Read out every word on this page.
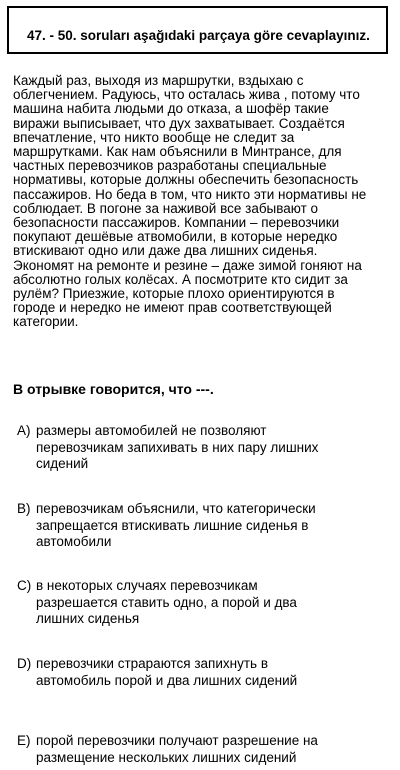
47. - 50. soruları aşağıdaki parçaya göre cevaplayınız.
Каждый раз, выходя из маршрутки, вздыхаю с
облегчением. Радуюсь, что осталась жива , потому что
машина набита людьми до отказа, а шофёр такие
виражи выписывает, что дух захватывает. Создаётся
впечатление, что никто вообще не следит за
маршрутками. Как нам объяснили в Минтрансе, для
частных перевозчиков разработаны специальные
нормативы, которые должны обеспечить безопасность
пассажиров. Но беда в том, что никто эти нормативы не
соблюдает. В погоне за наживой все забывают о
безопасности пассажиров. Компании – перевозчики
покупают дешёвые атвомобили, в которые нередко
втискивают одно или даже два лишних сиденья.
Экономят на ремонте и резине – даже зимой гоняют на
абсолютно голых колёсах. А посмотрите кто сидит за
рулём? Приезжие, которые плохо ориентируются в
городе и нередко не имеют прав соответствующей
категории.
В отрывке говорится, что ---.
A) размеры автомобилей не позволяют
перевозчикам запихивать в них пару лишних
сидений
B) перевозчикам объяснили, что категорически
запрещается втискивать лишние сиденья в
автомобили
C) в некоторых случаях перевозчикам
разрешается ставить одно, а порой и два
лишних сиденья
D) перевозчики страраются запихнуть в
автомобиль порой и два лишних сидений
E) порой перевозчики получают разрешение на
размещение нескольких лишних сидений
